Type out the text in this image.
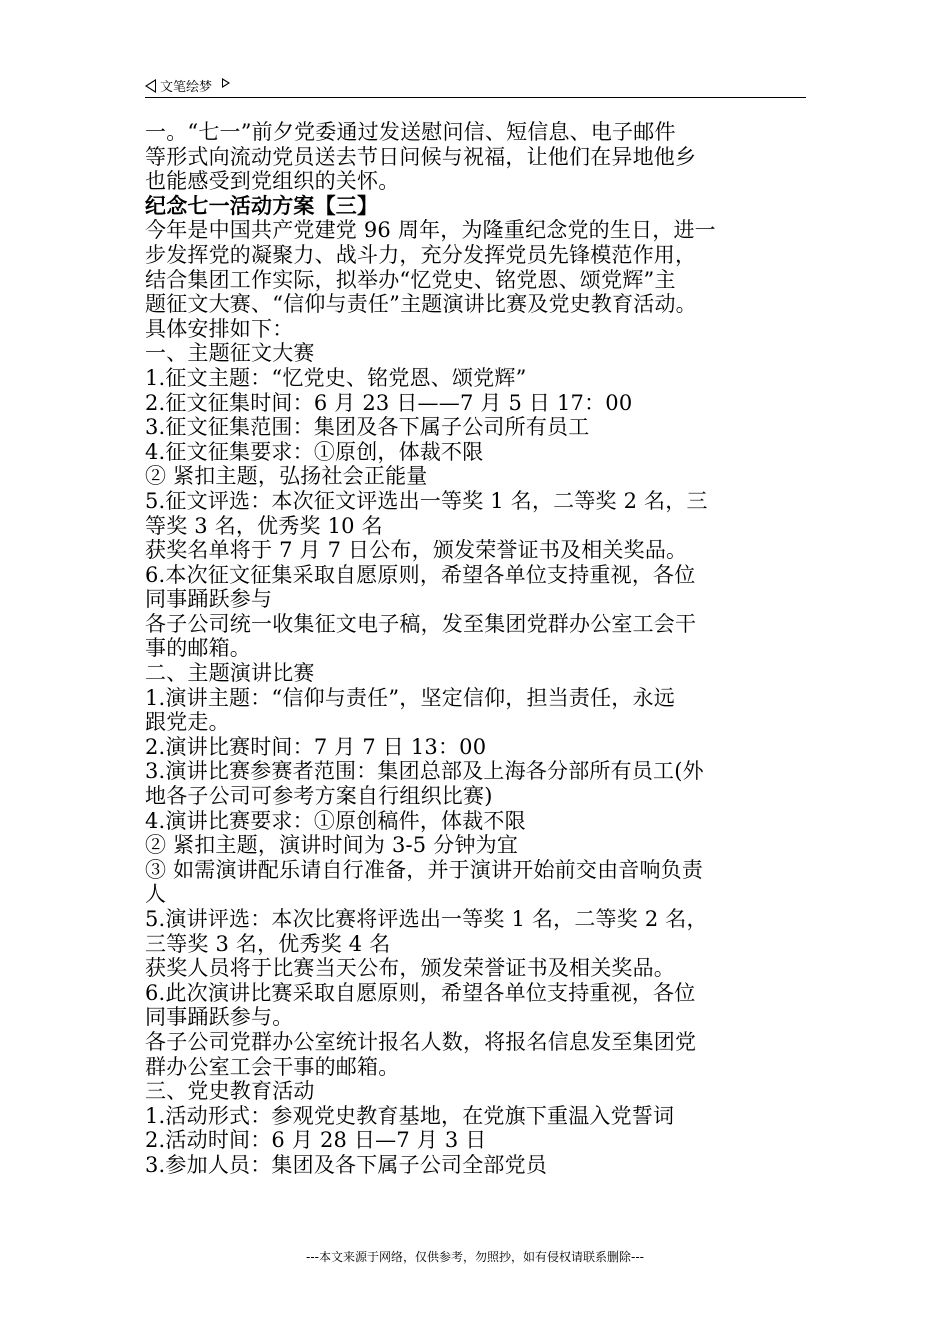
文笔绘梦
一。“七一”前夕党委通过发送慰问信、短信息、电子邮件
等形式向流动党员送去节日问候与祝福，让他们在异地他乡
也能感受到党组织的关怀。
纪念七一活动方案【三】
今年是中国共产党建党 96 周年，为隆重纪念党的生日，进一
步发挥党的凝聚力、战斗力，充分发挥党员先锋模范作用，
结合集团工作实际，拟举办“忆党史、铭党恩、颂党辉”主
题征文大赛、“信仰与责任”主题演讲比赛及党史教育活动。
具体安排如下：
一、主题征文大赛
1.征文主题：“忆党史、铭党恩、颂党辉”
2.征文征集时间：6 月 23 日——7 月 5 日 17：00
3.征文征集范围：集团及各下属子公司所有员工
4.征文征集要求：①原创，体裁不限
② 紧扣主题，弘扬社会正能量
5.征文评选：本次征文评选出一等奖 1 名，二等奖 2 名，三
等奖 3 名，优秀奖 10 名
获奖名单将于 7 月 7 日公布，颁发荣誉证书及相关奖品。
6.本次征文征集采取自愿原则，希望各单位支持重视，各位
同事踊跃参与
各子公司统一收集征文电子稿，发至集团党群办公室工会干
事的邮箱。
二、主题演讲比赛
1.演讲主题：“信仰与责任”，坚定信仰，担当责任，永远
跟党走。
2.演讲比赛时间：7 月 7 日 13：00
3.演讲比赛参赛者范围：集团总部及上海各分部所有员工(外
地各子公司可参考方案自行组织比赛)
4.演讲比赛要求：①原创稿件，体裁不限
② 紧扣主题，演讲时间为 3-5 分钟为宜
③ 如需演讲配乐请自行准备，并于演讲开始前交由音响负责
人
5.演讲评选：本次比赛将评选出一等奖 1 名，二等奖 2 名，
三等奖 3 名，优秀奖 4 名
获奖人员将于比赛当天公布，颁发荣誉证书及相关奖品。
6.此次演讲比赛采取自愿原则，希望各单位支持重视，各位
同事踊跃参与。
各子公司党群办公室统计报名人数，将报名信息发至集团党
群办公室工会干事的邮箱。
三、党史教育活动
1.活动形式：参观党史教育基地，在党旗下重温入党誓词
2.活动时间：6 月 28 日—7 月 3 日
3.参加人员：集团及各下属子公司全部党员
---本文来源于网络，仅供参考，勿照抄，如有侵权请联系删除---
